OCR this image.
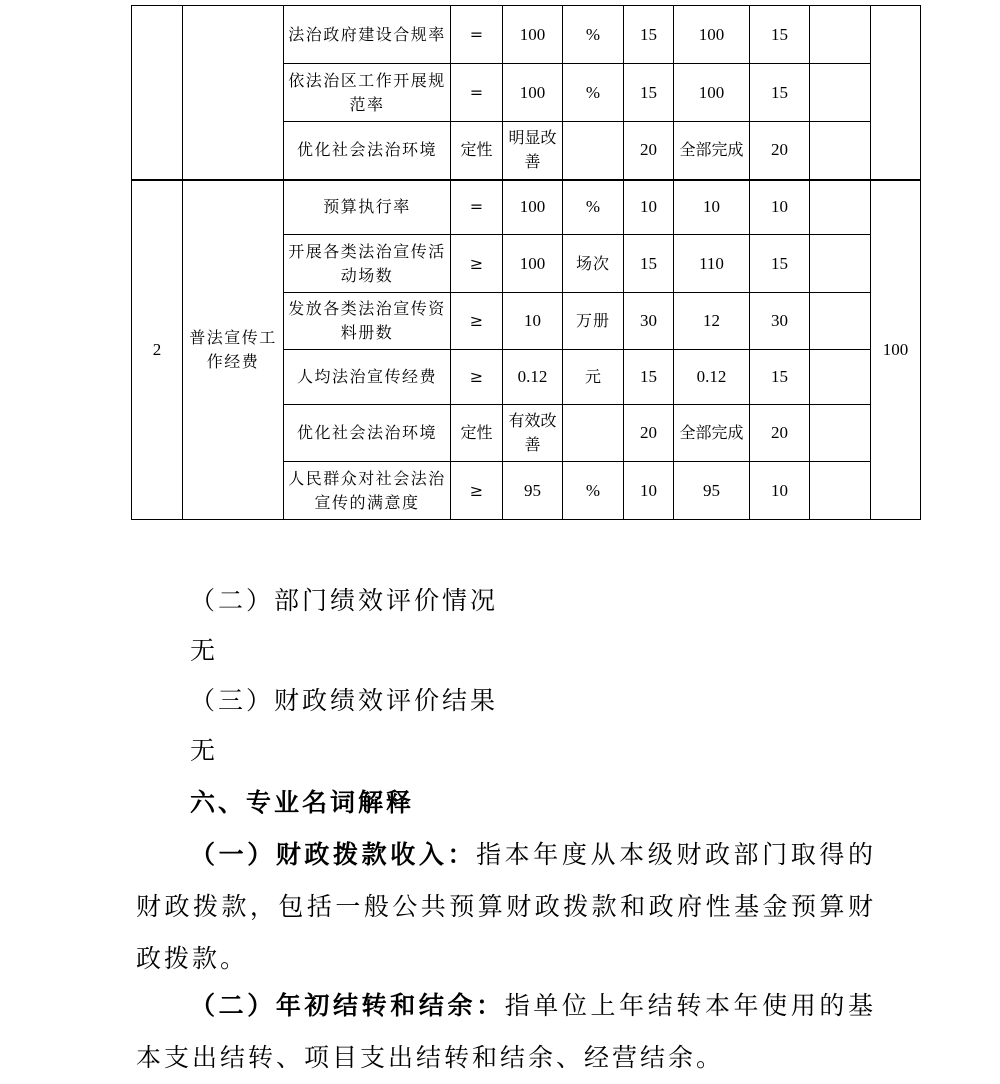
		法治政府建设合规率	=	100	%	15	100	15		
		依法治区工作开展规范率	=	100	%	15	100	15		
		优化社会法治环境	定性	明显改善		20	全部完成	20		
2	普法宣传工作经费	预算执行率	=	100	%	10	10	10		100
		开展各类法治宣传活动场数	≥	100	场次	15	110	15		
		发放各类法治宣传资料册数	≥	10	万册	30	12	30		
		人均法治宣传经费	≥	0.12	元	15	0.12	15		
		优化社会法治环境	定性	有效改善		20	全部完成	20		
		人民群众对社会法治宣传的满意度	≥	95	%	10	95	10		

（二）部门绩效评价情况

无

（三）财政绩效评价结果

无

六、专业名词解释

（一）财政拨款收入：指本年度从本级财政部门取得的财政拨款，包括一般公共预算财政拨款和政府性基金预算财政拨款。

（二）年初结转和结余：指单位上年结转本年使用的基本支出结转、项目支出结转和结余、经营结余。
